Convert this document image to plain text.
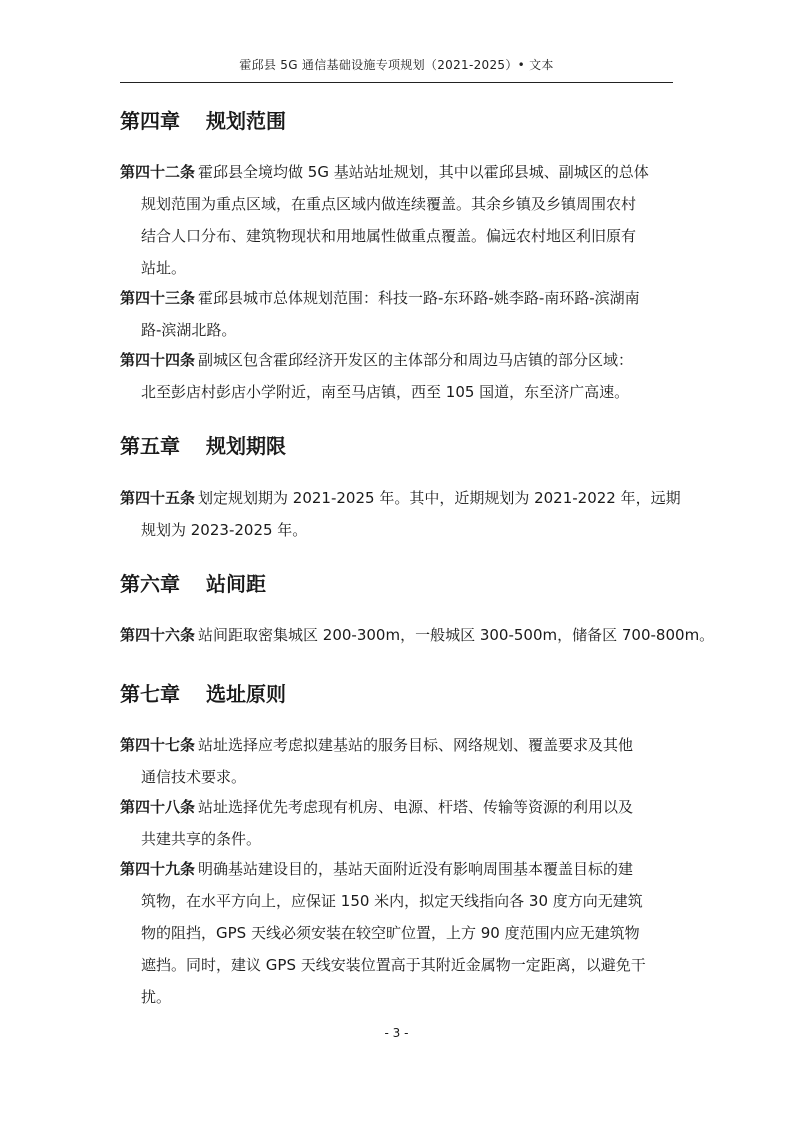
霍邱县 5G 通信基础设施专项规划（2021-2025）• 文本
第四章 规划范围

第四十二条 霍邱县全境均做 5G 基站站址规划，其中以霍邱县城、副城区的总体
规划范围为重点区域，在重点区域内做连续覆盖。其余乡镇及乡镇周围农村
结合人口分布、建筑物现状和用地属性做重点覆盖。偏远农村地区利旧原有
站址。

第四十三条 霍邱县城市总体规划范围：科技一路-东环路-姚李路-南环路-滨湖南
路-滨湖北路。

第四十四条 副城区包含霍邱经济开发区的主体部分和周边马店镇的部分区域：
北至彭店村彭店小学附近，南至马店镇，西至 105 国道，东至济广高速。

第五章 规划期限

第四十五条 划定规划期为 2021-2025 年。其中，近期规划为 2021-2022 年，远期
规划为 2023-2025 年。

第六章 站间距

第四十六条 站间距取密集城区 200-300m，一般城区 300-500m，储备区 700-800m。

第七章 选址原则

第四十七条 站址选择应考虑拟建基站的服务目标、网络规划、覆盖要求及其他
通信技术要求。

第四十八条 站址选择优先考虑现有机房、电源、杆塔、传输等资源的利用以及
共建共享的条件。

第四十九条 明确基站建设目的，基站天面附近没有影响周围基本覆盖目标的建
筑物，在水平方向上，应保证 150 米内，拟定天线指向各 30 度方向无建筑
物的阻挡，GPS 天线必须安装在较空旷位置，上方 90 度范围内应无建筑物
遮挡。同时，建议 GPS 天线安装位置高于其附近金属物一定距离，以避免干
扰。

- 3 -
